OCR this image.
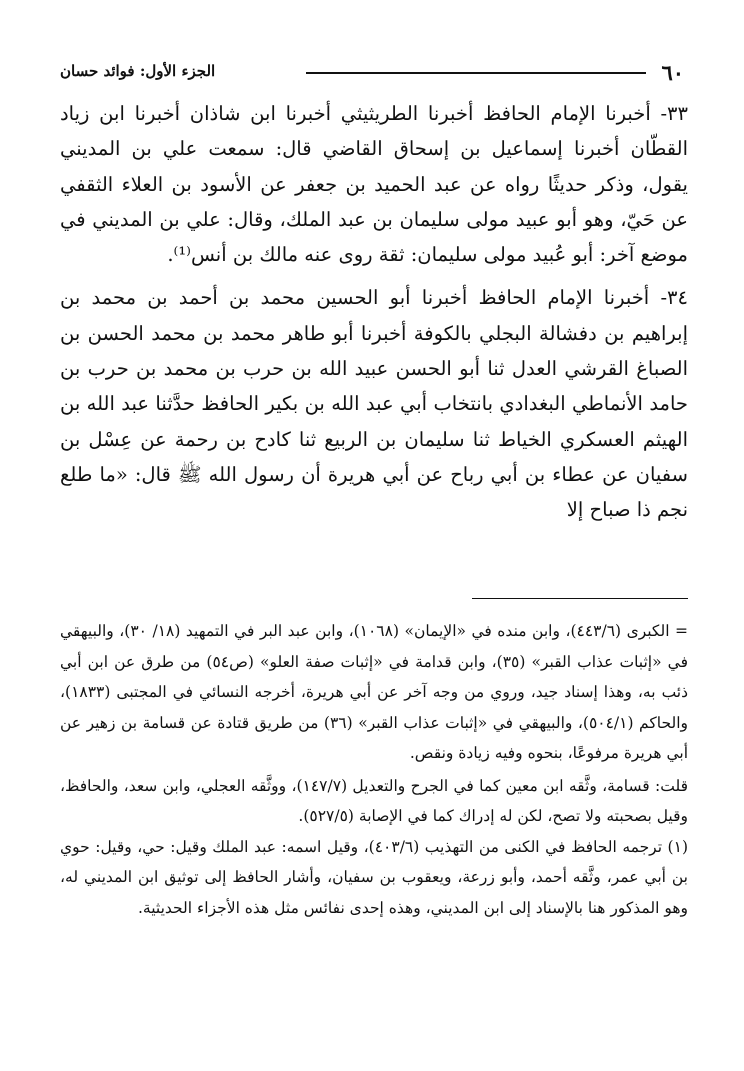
٦٠
الجزء الأول: فوائد حسان

٣٣- أخبرنا الإمام الحافظ أخبرنا الطريثيثي أخبرنا ابن شاذان أخبرنا ابن زياد القطّان أخبرنا إسماعيل بن إسحاق القاضي قال: سمعت علي بن المديني يقول، وذكر حديثًا رواه عن عبد الحميد بن جعفر عن الأسود بن العلاء الثقفي عن حَيّ، وهو أبو عبيد مولى سليمان بن عبد الملك، وقال: علي بن المديني في موضع آخر: أبو عُبيد مولى سليمان: ثقة روى عنه مالك بن أنس⁽¹⁾.

٣٤- أخبرنا الإمام الحافظ أخبرنا أبو الحسين محمد بن أحمد بن محمد بن إبراهيم بن دفشالة البجلي بالكوفة أخبرنا أبو طاهر محمد بن محمد الحسن بن الصباغ القرشي العدل ثنا أبو الحسن عبيد الله بن حرب بن محمد بن حرب بن حامد الأنماطي البغدادي بانتخاب أبي عبد الله بن بكير الحافظ حدَّثنا عبد الله بن الهيثم العسكري الخياط ثنا سليمان بن الربيع ثنا كادح بن رحمة عن عِسْل بن سفيان عن عطاء بن أبي رباح عن أبي هريرة أن رسول الله ﷺ قال: «ما طلع نجم ذا صباح إلا

= الكبرى (٤٤٣/٦)، وابن منده في «الإيمان» (١٠٦٨)، وابن عبد البر في التمهيد (١٨/ ٣٠)، والبيهقي في «إثبات عذاب القبر» (٣٥)، وابن قدامة في «إثبات صفة العلو» (ص٥٤) من طرق عن ابن أبي ذئب به، وهذا إسناد جيد، وروي من وجه آخر عن أبي هريرة، أخرجه النسائي في المجتبى (١٨٣٣)، والحاكم (٥٠٤/١)، والبيهقي في «إثبات عذاب القبر» (٣٦) من طريق قتادة عن قسامة بن زهير عن أبي هريرة مرفوعًا، بنحوه وفيه زيادة ونقص.

قلت: قسامة، وثَّقه ابن معين كما في الجرح والتعديل (١٤٧/٧)، ووثَّقه العجلي، وابن سعد، والحافظ، وقيل بصحبته ولا تصح، لكن له إدراك كما في الإصابة (٥٢٧/٥).

(١) ترجمه الحافظ في الكنى من التهذيب (٤٠٣/٦)، وقيل اسمه: عبد الملك وقيل: حي، وقيل: حوي بن أبي عمر، وثَّقه أحمد، وأبو زرعة، ويعقوب بن سفيان، وأشار الحافظ إلى توثيق ابن المديني له، وهو المذكور هنا بالإسناد إلى ابن المديني، وهذه إحدى نفائس مثل هذه الأجزاء الحديثية.
